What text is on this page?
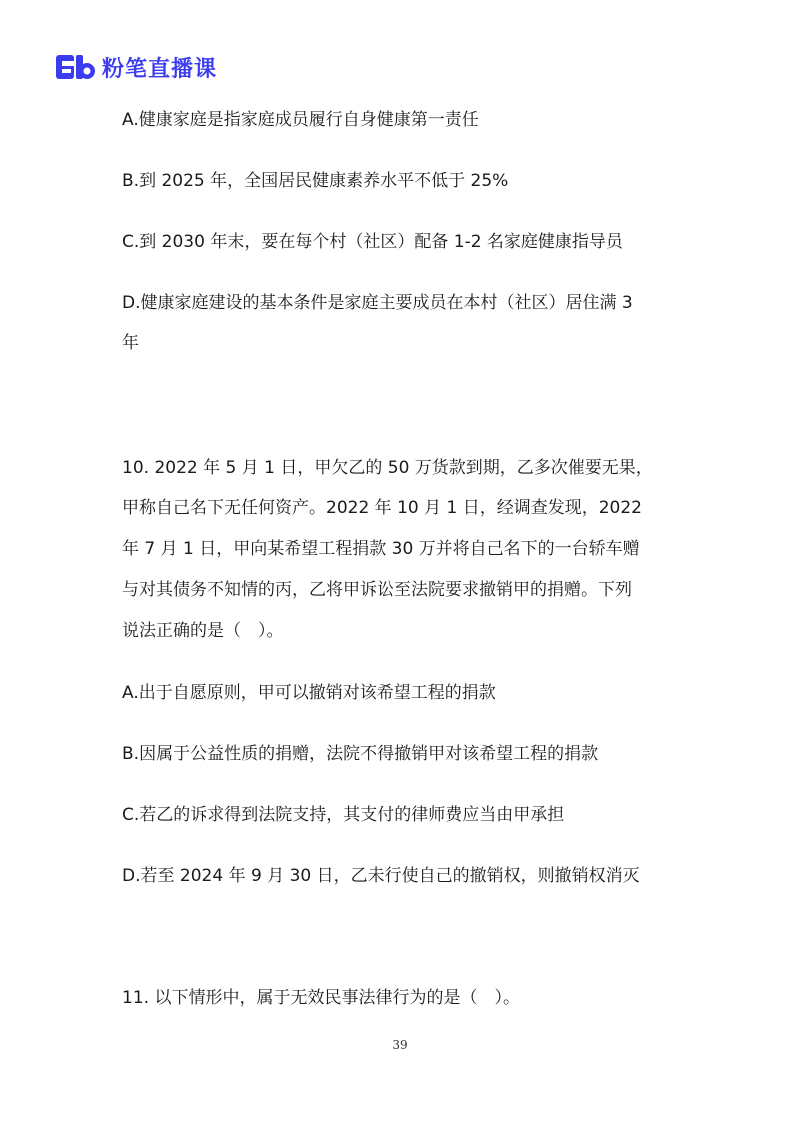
粉笔直播课
A.健康家庭是指家庭成员履行自身健康第一责任
B.到 2025 年，全国居民健康素养水平不低于 25%
C.到 2030 年末，要在每个村（社区）配备 1-2 名家庭健康指导员
D.健康家庭建设的基本条件是家庭主要成员在本村（社区）居住满 3
年
10. 2022 年 5 月 1 日，甲欠乙的 50 万货款到期，乙多次催要无果，
甲称自己名下无任何资产。2022 年 10 月 1 日，经调查发现，2022
年 7 月 1 日，甲向某希望工程捐款 30 万并将自己名下的一台轿车赠
与对其债务不知情的丙，乙将甲诉讼至法院要求撤销甲的捐赠。下列
说法正确的是（　）。
A.出于自愿原则，甲可以撤销对该希望工程的捐款
B.因属于公益性质的捐赠，法院不得撤销甲对该希望工程的捐款
C.若乙的诉求得到法院支持，其支付的律师费应当由甲承担
D.若至 2024 年 9 月 30 日，乙未行使自己的撤销权，则撤销权消灭
11. 以下情形中，属于无效民事法律行为的是（　）。
39
